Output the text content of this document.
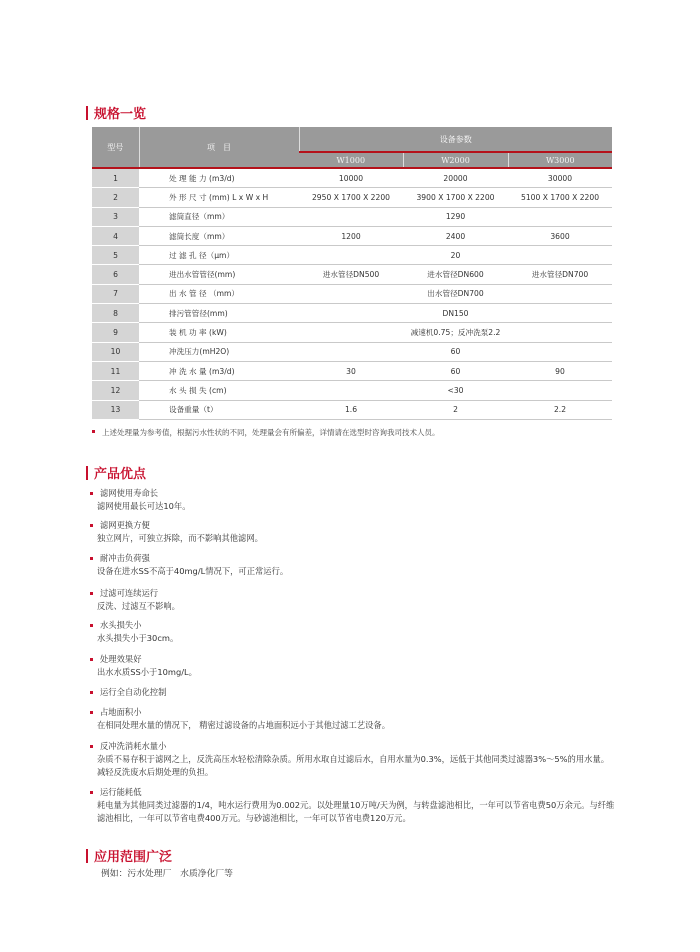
规格一览
型号	项　目	设备参数		
		W1000	W2000	W3000
1	处 理 能 力 (m3/d)	10000	20000	30000
2	外 形 尺 寸 (mm) L x W x H	2950 X 1700 X 2200	3900 X 1700 X 2200	5100 X 1700 X 2200
3	滤筒直径（mm）	1290		
4	滤筒长度（mm）	1200	2400	3600
5	过 滤 孔 径（μm）	20		
6	进出水管管径(mm)	进水管径DN500	进水管径DN600	进水管径DN700
7	出 水 管 径 （mm）	出水管径DN700		
8	排污管管径(mm)	DN150		
9	装 机 功 率 (kW)	减速机0.75；反冲洗泵2.2		
10	冲洗压力(mH2O)	60		
11	冲 洗 水 量 (m3/d)	30	60	90
12	水 头 损 失 (cm)	<30		
13	设备重量（t）	1.6	2	2.2
上述处理量为参考值，根据污水性状的不同，处理量会有所偏差，详情请在选型时咨询我司技术人员。
产品优点
滤网使用寿命长
滤网使用最长可达10年。
滤网更换方便
独立网片，可独立拆除，而不影响其他滤网。
耐冲击负荷强
设备在进水SS不高于40mg/L情况下，可正常运行。
过滤可连续运行
反洗、过滤互不影响。
水头损失小
水头损失小于30cm。
处理效果好
出水水质SS小于10mg/L。
运行全自动化控制
占地面积小
在相同处理水量的情况下， 精密过滤设备的占地面积远小于其他过滤工艺设备。
反冲洗消耗水量小
杂质不易存积于滤网之上，反洗高压水轻松清除杂质。所用水取自过滤后水，自用水量为0.3%，远低于其他同类过滤器3%～5%的用水量。减轻反洗废水后期处理的负担。
运行能耗低
耗电量为其他同类过滤器的1/4，吨水运行费用为0.002元。以处理量10万吨/天为例，与转盘滤池相比，一年可以节省电费50万余元。与纤维滤池相比，一年可以节省电费400万元。与砂滤池相比，一年可以节省电费120万元。
应用范围广泛
例如：污水处理厂　水质净化厂等
